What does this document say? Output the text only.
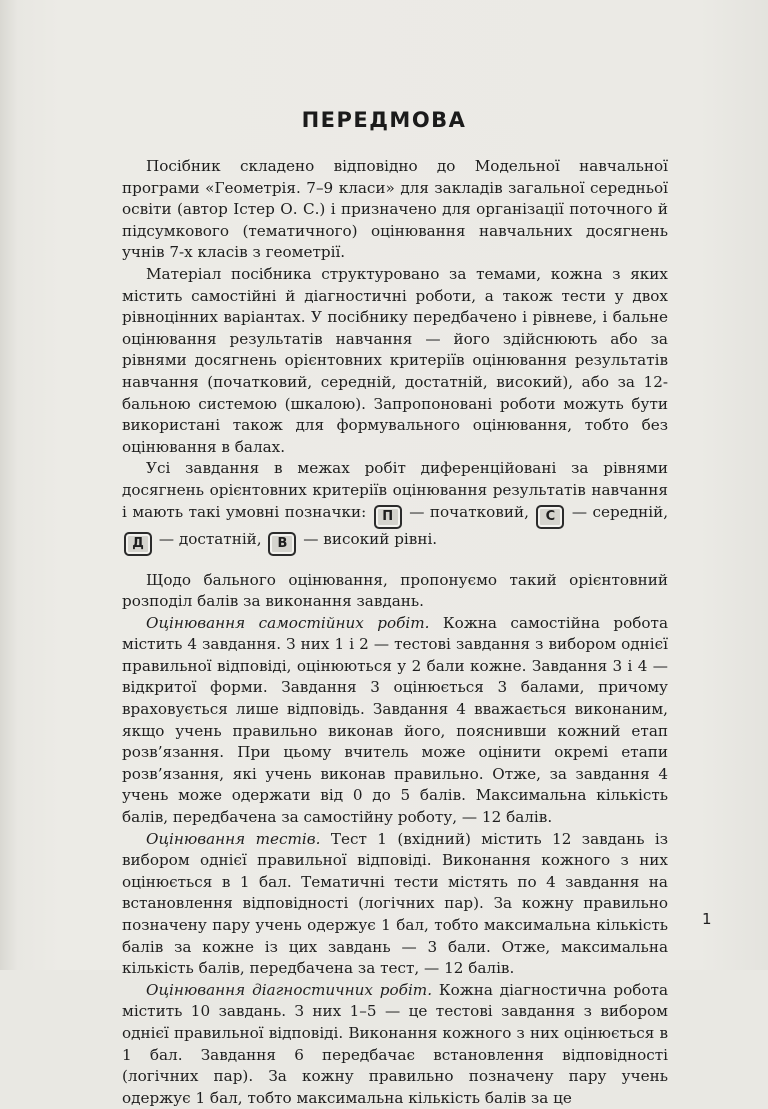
ПЕРЕДМОВА

Посібник складено відповідно до Модельної навчальної програми «Геометрія. 7–9 класи» для закладів загальної середньої освіти (автор Істер О. С.) і призначено для організації поточного й підсумкового (тематичного) оцінювання навчальних досягнень учнів 7-х класів з геометрії.

Матеріал посібника структуровано за темами, кожна з яких містить самостійні й діагностичні роботи, а також тести у двох рівноцінних варіантах. У посібнику передбачено і рівневе, і бальне оцінювання результатів навчання — його здійснюють або за рівнями досягнень орієнтовних критеріїв оцінювання результатів навчання (початковий, середній, достатній, високий), або за 12-бальною системою (шкалою). Запропоновані роботи можуть бути використані також для формувального оцінювання, тобто без оцінювання в балах.

Усі завдання в межах робіт диференційовані за рівнями досягнень орієнтовних критеріїв оцінювання результатів навчання і мають такі умовні позначки: П — початковий, С — середній, Д — достатній, В — високий рівні.

Щодо бального оцінювання, пропонуємо такий орієнтовний розподіл балів за виконання завдань.

Оцінювання самостійних робіт. Кожна самостійна робота містить 4 завдання. З них 1 і 2 — тестові завдання з вибором однієї правильної відповіді, оцінюються у 2 бали кожне. Завдання 3 і 4 — відкритої форми. Завдання 3 оцінюється 3 балами, причому враховується лише відповідь. Завдання 4 вважається виконаним, якщо учень правильно виконав його, пояснивши кожний етап розв’язання. При цьому вчитель може оцінити окремі етапи розв’язання, які учень виконав правильно. Отже, за завдання 4 учень може одержати від 0 до 5 балів. Максимальна кількість балів, передбачена за самостійну роботу, — 12 балів.

Оцінювання тестів. Тест 1 (вхідний) містить 12 завдань із вибором однієї правильної відповіді. Виконання кожного з них оцінюється в 1 бал. Тематичні тести містять по 4 завдання на встановлення відповідності (логічних пар). За кожну правильно позначену пару учень одержує 1 бал, тобто максимальна кількість балів за кожне із цих завдань — 3 бали. Отже, максимальна кількість балів, передбачена за тест, — 12 балів.

Оцінювання діагностичних робіт. Кожна діагностична робота містить 10 завдань. З них 1–5 — це тестові завдання з вибором однієї правильної відповіді. Виконання кожного з них оцінюється в 1 бал. Завдання 6 передбачає встановлення відповідності (логічних пар). За кожну правильно позначену пару учень одержує 1 бал, тобто максимальна кількість балів за це

1
